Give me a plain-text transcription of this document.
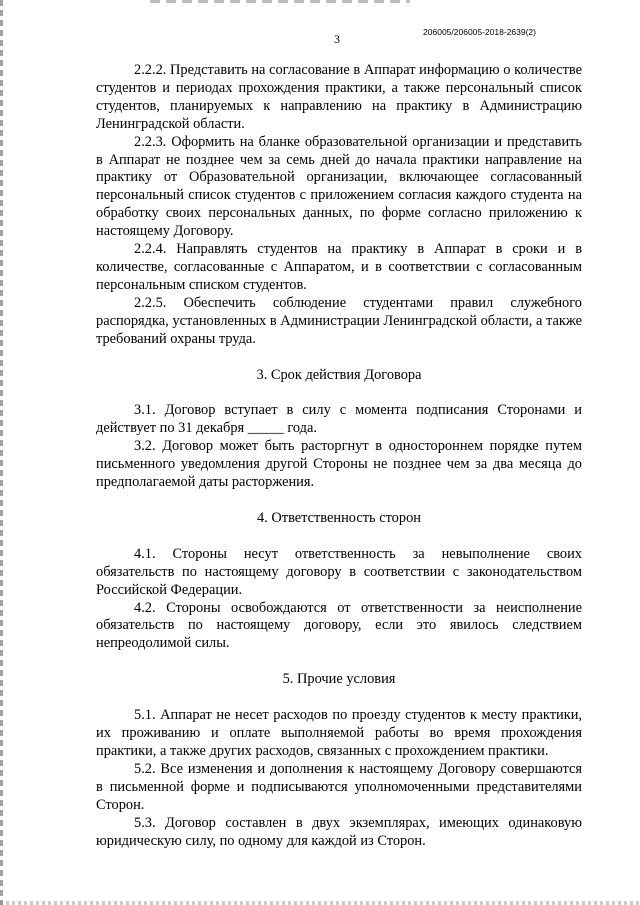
3	206005/206005-2018-2639(2)

2.2.2. Представить на согласование в Аппарат информацию о количестве студентов и периодах прохождения практики, а также персональный список студентов, планируемых к направлению на практику в Администрацию Ленинградской области.

2.2.3. Оформить на бланке образовательной организации и представить в Аппарат не позднее чем за семь дней до начала практики направление на практику от Образовательной организации, включающее согласованный персональный список студентов с приложением согласия каждого студента на обработку своих персональных данных, по форме согласно приложению к настоящему Договору.

2.2.4. Направлять студентов на практику в Аппарат в сроки и в количестве, согласованные с Аппаратом, и в соответствии с согласованным персональным списком студентов.

2.2.5. Обеспечить соблюдение студентами правил служебного распорядка, установленных в Администрации Ленинградской области, а также требований охраны труда.

3. Срок действия Договора

3.1. Договор вступает в силу с момента подписания Сторонами и действует по 31 декабря _____ года.

3.2. Договор может быть расторгнут в одностороннем порядке путем письменного уведомления другой Стороны не позднее чем за два месяца до предполагаемой даты расторжения.

4. Ответственность сторон

4.1. Стороны несут ответственность за невыполнение своих обязательств по настоящему договору в соответствии с законодательством Российской Федерации.

4.2. Стороны освобождаются от ответственности за неисполнение обязательств по настоящему договору, если это явилось следствием непреодолимой силы.

5. Прочие условия

5.1. Аппарат не несет расходов по проезду студентов к месту практики, их проживанию и оплате выполняемой работы во время прохождения практики, а также других расходов, связанных с прохождением практики.

5.2. Все изменения и дополнения к настоящему Договору совершаются в письменной форме и подписываются уполномоченными представителями Сторон.

5.3. Договор составлен в двух экземплярах, имеющих одинаковую юридическую силу, по одному для каждой из Сторон.
